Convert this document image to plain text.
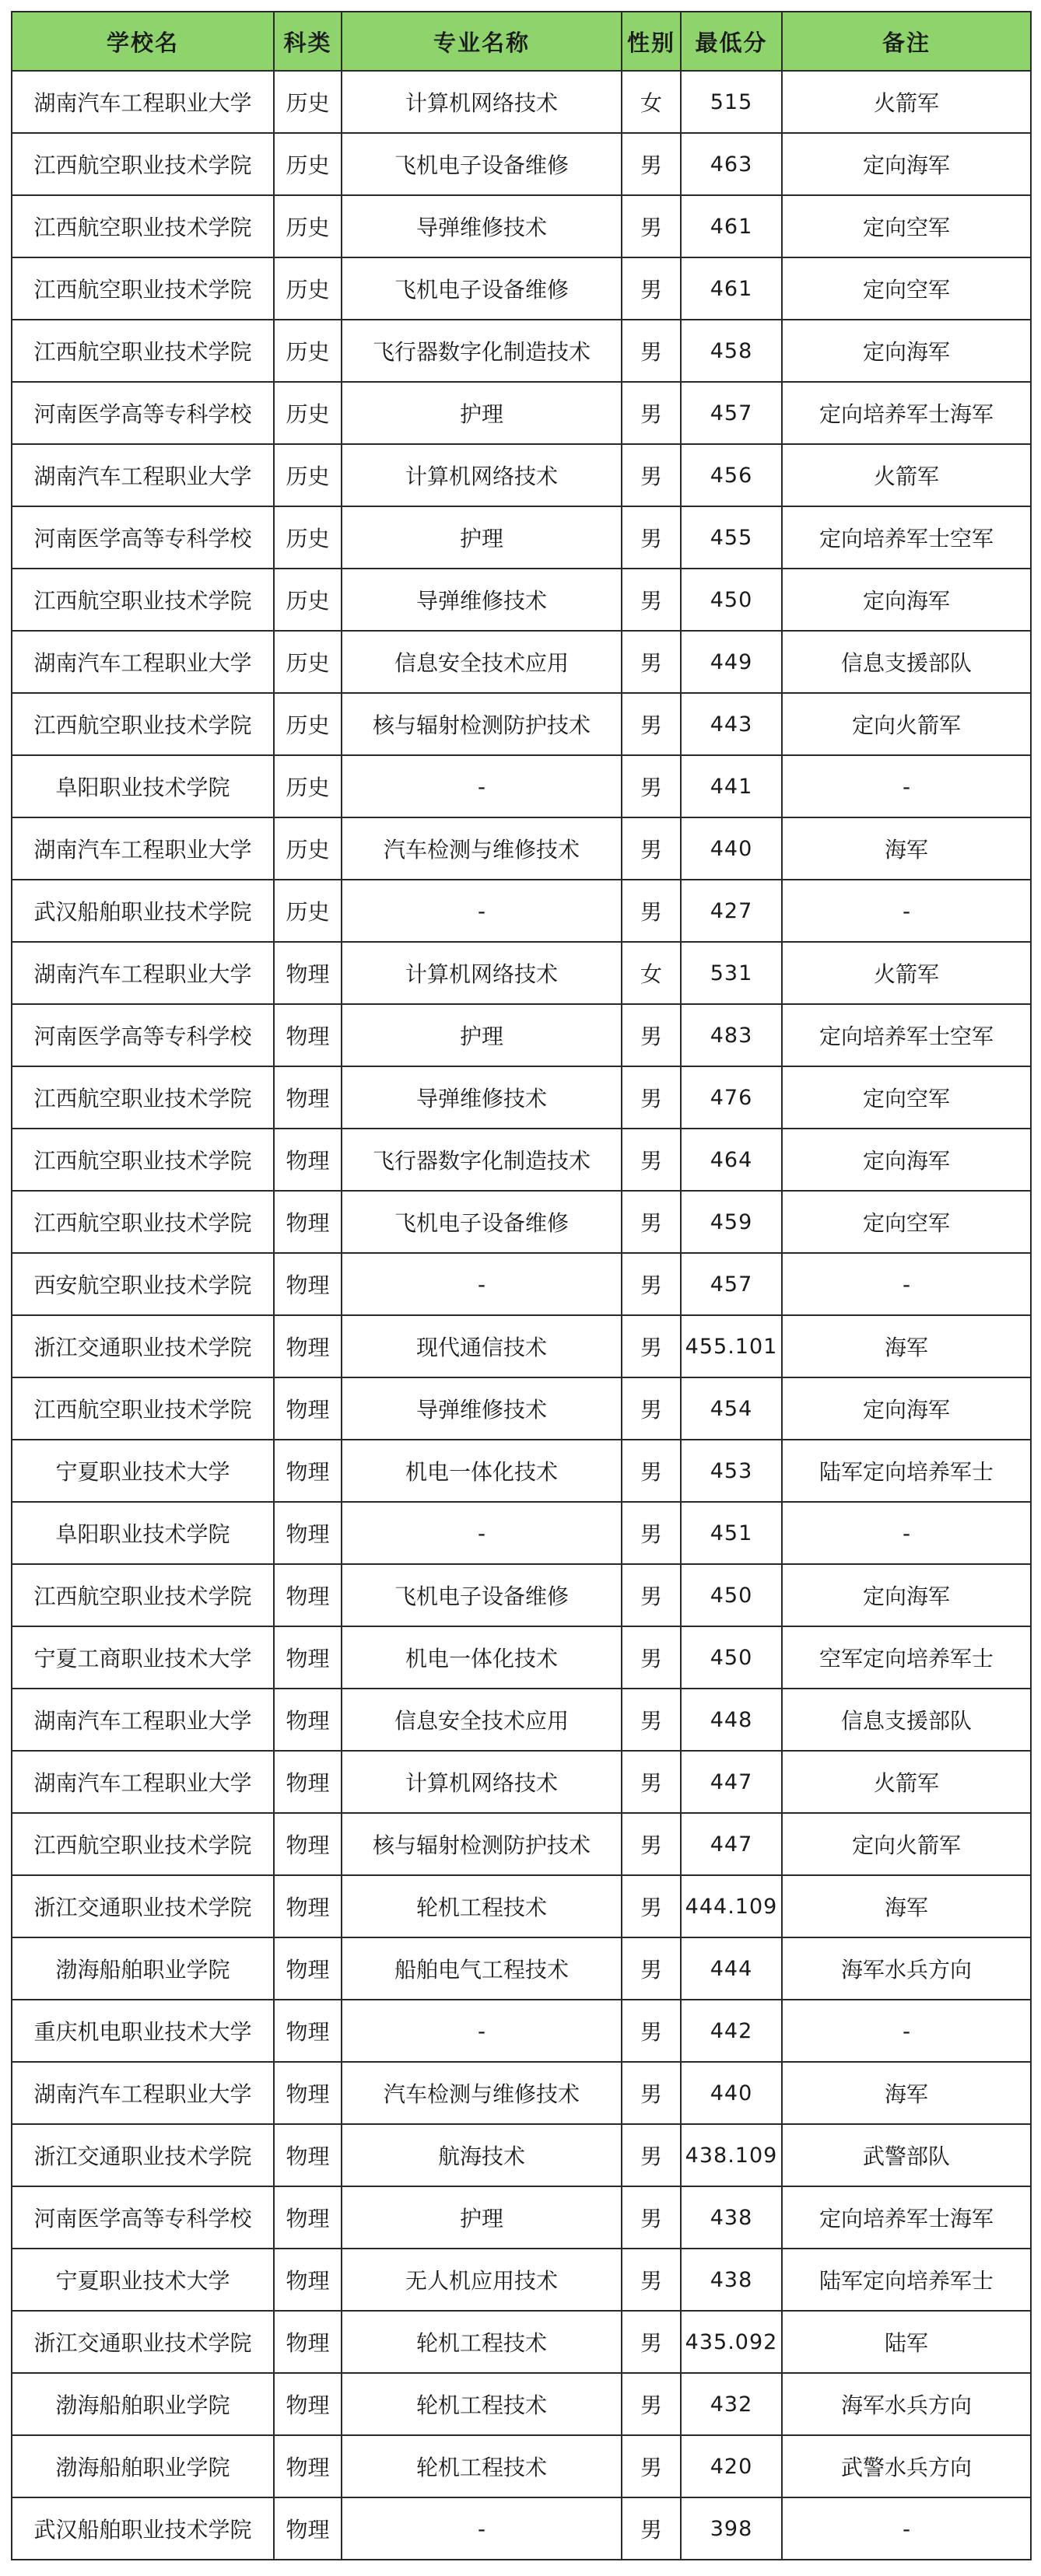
学校名	科类	专业名称	性别	最低分	备注
湖南汽车工程职业大学	历史	计算机网络技术	女	515	火箭军
江西航空职业技术学院	历史	飞机电子设备维修	男	463	定向海军
江西航空职业技术学院	历史	导弹维修技术	男	461	定向空军
江西航空职业技术学院	历史	飞机电子设备维修	男	461	定向空军
江西航空职业技术学院	历史	飞行器数字化制造技术	男	458	定向海军
河南医学高等专科学校	历史	护理	男	457	定向培养军士海军
湖南汽车工程职业大学	历史	计算机网络技术	男	456	火箭军
河南医学高等专科学校	历史	护理	男	455	定向培养军士空军
江西航空职业技术学院	历史	导弹维修技术	男	450	定向海军
湖南汽车工程职业大学	历史	信息安全技术应用	男	449	信息支援部队
江西航空职业技术学院	历史	核与辐射检测防护技术	男	443	定向火箭军
阜阳职业技术学院	历史	-	男	441	-
湖南汽车工程职业大学	历史	汽车检测与维修技术	男	440	海军
武汉船舶职业技术学院	历史	-	男	427	-
湖南汽车工程职业大学	物理	计算机网络技术	女	531	火箭军
河南医学高等专科学校	物理	护理	男	483	定向培养军士空军
江西航空职业技术学院	物理	导弹维修技术	男	476	定向空军
江西航空职业技术学院	物理	飞行器数字化制造技术	男	464	定向海军
江西航空职业技术学院	物理	飞机电子设备维修	男	459	定向空军
西安航空职业技术学院	物理	-	男	457	-
浙江交通职业技术学院	物理	现代通信技术	男	455.101	海军
江西航空职业技术学院	物理	导弹维修技术	男	454	定向海军
宁夏职业技术大学	物理	机电一体化技术	男	453	陆军定向培养军士
阜阳职业技术学院	物理	-	男	451	-
江西航空职业技术学院	物理	飞机电子设备维修	男	450	定向海军
宁夏工商职业技术大学	物理	机电一体化技术	男	450	空军定向培养军士
湖南汽车工程职业大学	物理	信息安全技术应用	男	448	信息支援部队
湖南汽车工程职业大学	物理	计算机网络技术	男	447	火箭军
江西航空职业技术学院	物理	核与辐射检测防护技术	男	447	定向火箭军
浙江交通职业技术学院	物理	轮机工程技术	男	444.109	海军
渤海船舶职业学院	物理	船舶电气工程技术	男	444	海军水兵方向
重庆机电职业技术大学	物理	-	男	442	-
湖南汽车工程职业大学	物理	汽车检测与维修技术	男	440	海军
浙江交通职业技术学院	物理	航海技术	男	438.109	武警部队
河南医学高等专科学校	物理	护理	男	438	定向培养军士海军
宁夏职业技术大学	物理	无人机应用技术	男	438	陆军定向培养军士
浙江交通职业技术学院	物理	轮机工程技术	男	435.092	陆军
渤海船舶职业学院	物理	轮机工程技术	男	432	海军水兵方向
渤海船舶职业学院	物理	轮机工程技术	男	420	武警水兵方向
武汉船舶职业技术学院	物理	-	男	398	-
